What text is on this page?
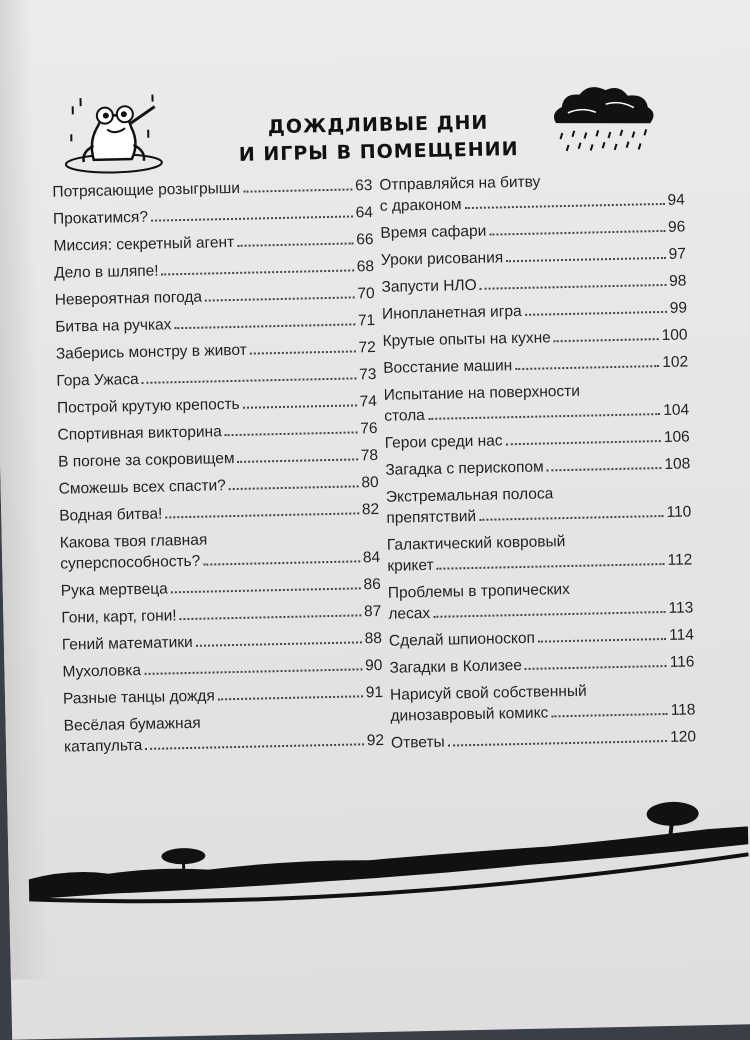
ДОЖДЛИВЫЕ ДНИ
И ИГРЫ В ПОМЕЩЕНИИ
Потрясающие розыгрыши	63
Прокатимся?	64
Миссия: секретный агент	66
Дело в шляпе!	68
Невероятная погода	70
Битва на ручках	71
Заберись монстру в живот	72
Гора Ужаса	73
Построй крутую крепость	74
Спортивная викторина	76
В погоне за сокровищем	78
Сможешь всех спасти?	80
Водная битва!	82
Какова твоя главная
суперспособность?	84
Рука мертвеца	86
Гони, карт, гони!	87
Гений математики	88
Мухоловка	90
Разные танцы дождя	91
Весёлая бумажная
катапульта	92
Отправляйся на битву
с драконом	94
Время сафари	96
Уроки рисования	97
Запусти НЛО	98
Инопланетная игра	99
Крутые опыты на кухне	100
Восстание машин	102
Испытание на поверхности
стола	104
Герои среди нас	106
Загадка с перископом	108
Экстремальная полоса
препятствий	110
Галактический ковровый
крикет	112
Проблемы в тропических
лесах	113
Сделай шпионоскоп	114
Загадки в Колизее	116
Нарисуй свой собственный
динозавровый комикс	118
Ответы	120
